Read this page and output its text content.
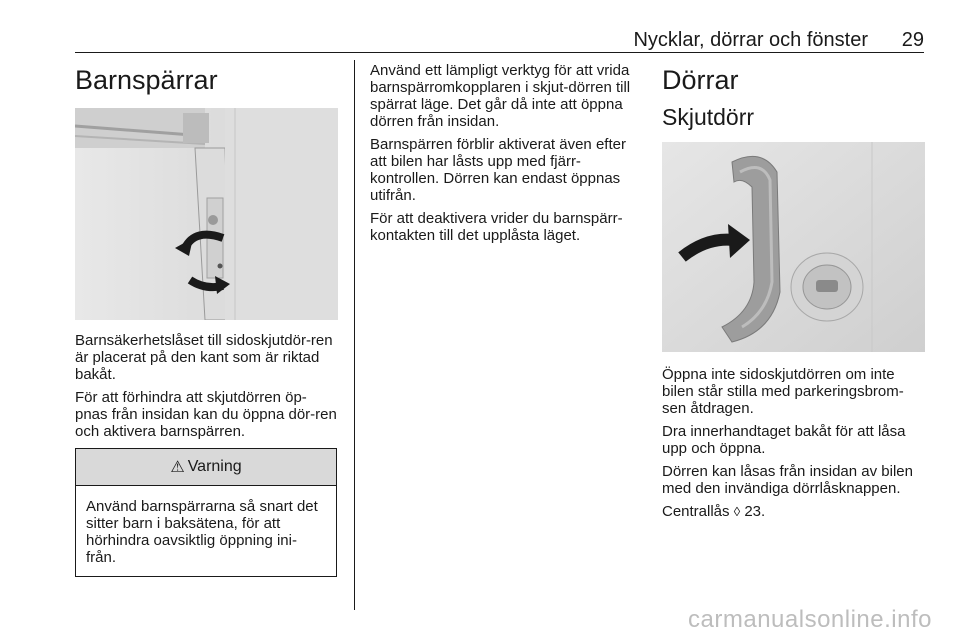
Nycklar, dörrar och fönster 29
Barnspärrar

Barnsäkerhetslåset till sidoskjutdör-ren är placerat på den kant som är riktad bakåt.

För att förhindra att skjutdörren öp-pnas från insidan kan du öppna dör-ren och aktivera barnspärren.

⚠ Varning
Använd barnspärrarna så snart det sitter barn i baksätena, för att hörhindra oavsiktlig öppning ini-från.

Använd ett lämpligt verktyg för att vrida barnspärromkopplaren i skjut-dörren till spärrat läge. Det går då inte att öppna dörren från insidan.

Barnspärren förblir aktiverat även efter att bilen har låsts upp med fjärr-kontrollen. Dörren kan endast öppnas utifrån.

För att deaktivera vrider du barnspärr-kontakten till det upplåsta läget.

Dörrar
Skjutdörr

Öppna inte sidoskjutdörren om inte bilen står stilla med parkeringsbrom-sen åtdragen.

Dra innerhandtaget bakåt för att låsa upp och öppna.

Dörren kan låsas från insidan av bilen med den invändiga dörrlåsknappen.

Centrallås ◊ 23.

carmanualsonline.info
